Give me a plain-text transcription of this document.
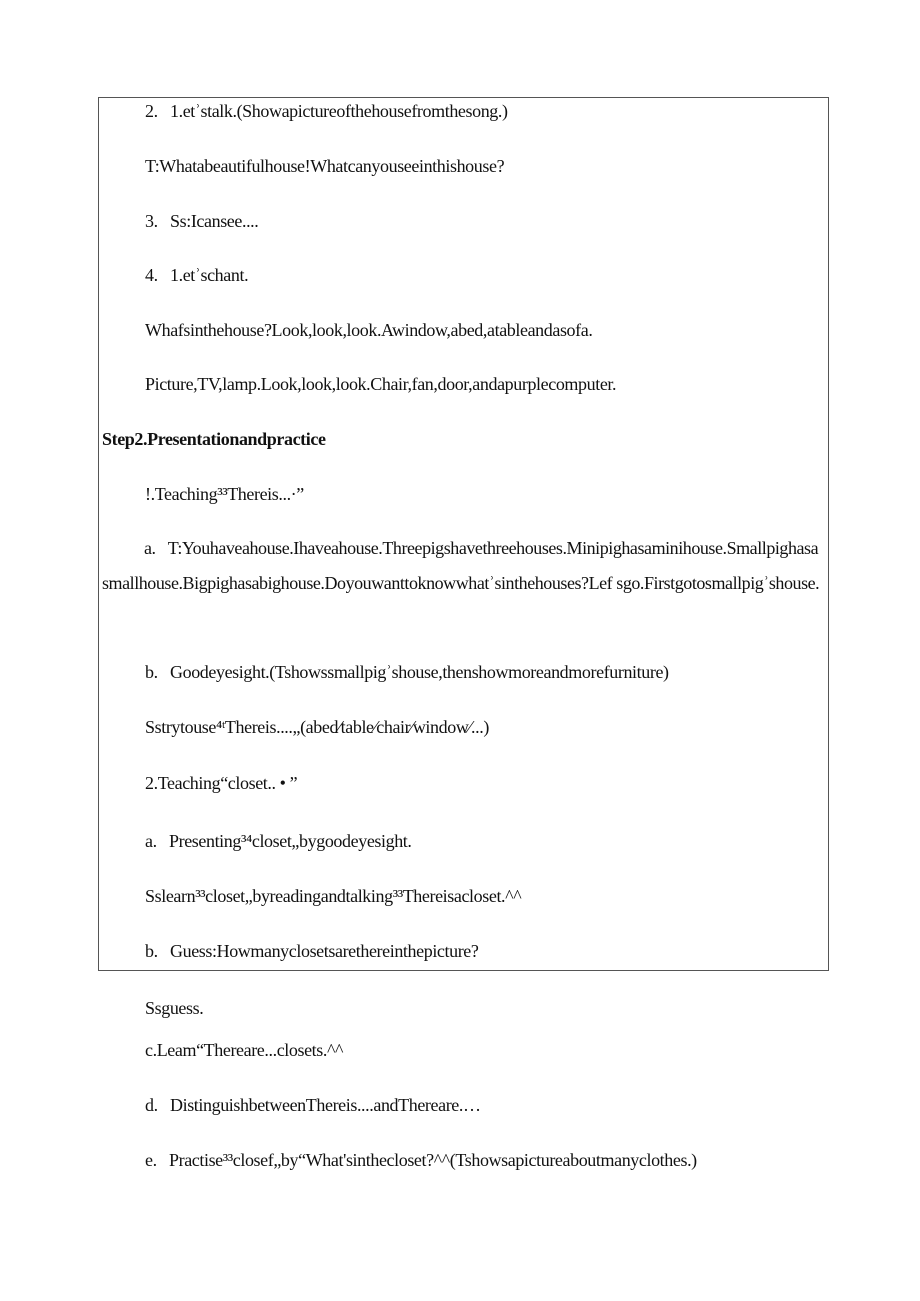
2.   1.etʾstalk.(Showapictureofthehousefromthesong.)
T:Whatabeautifulhouse!Whatcanyouseeinthishouse?
3.   Ss:Icansee....
4.   1.etʾschant.
Whafsinthehouse?Look,look,look.Awindow,abed,atableandasofa.
Picture,TV,lamp.Look,look,look.Chair,fan,door,andapurplecomputer.
Step2.Presentationandpractice
!.Teaching³³Thereis...·”
a.   T:Youhaveahouse.Ihaveahouse.Threepigshavethreehouses.Minipighasaminihouse.Smallpighasasmallhouse.Bigpighasabighouse.Doyouwanttoknowwhatʾsinthehouses?Lef sgo.Firstgotosmallpigʾshouse.
b.   Goodeyesight.(Tshowssmallpigʾshouse,thenshowmoreandmorefurniture)
Sstrytouse⁴ᵗThereis....„(abed⁄table⁄chair⁄window⁄...)
2.Teaching“closet.. • ”
a.   Presenting³⁴closet„bygoodeyesight.
Sslearn³³closet„byreadingandtalking³³Thereisacloset.^^
b.   Guess:Howmanyclosetsarethereinthepicture?
Ssguess.
c.Leam“Thereare...closets.^^
d.   DistinguishbetweenThereis....andThereare.…
e.   Practise³³closef„by“What's​inthecloset?^^(Tshowsapictureaboutmanyclothes.)
